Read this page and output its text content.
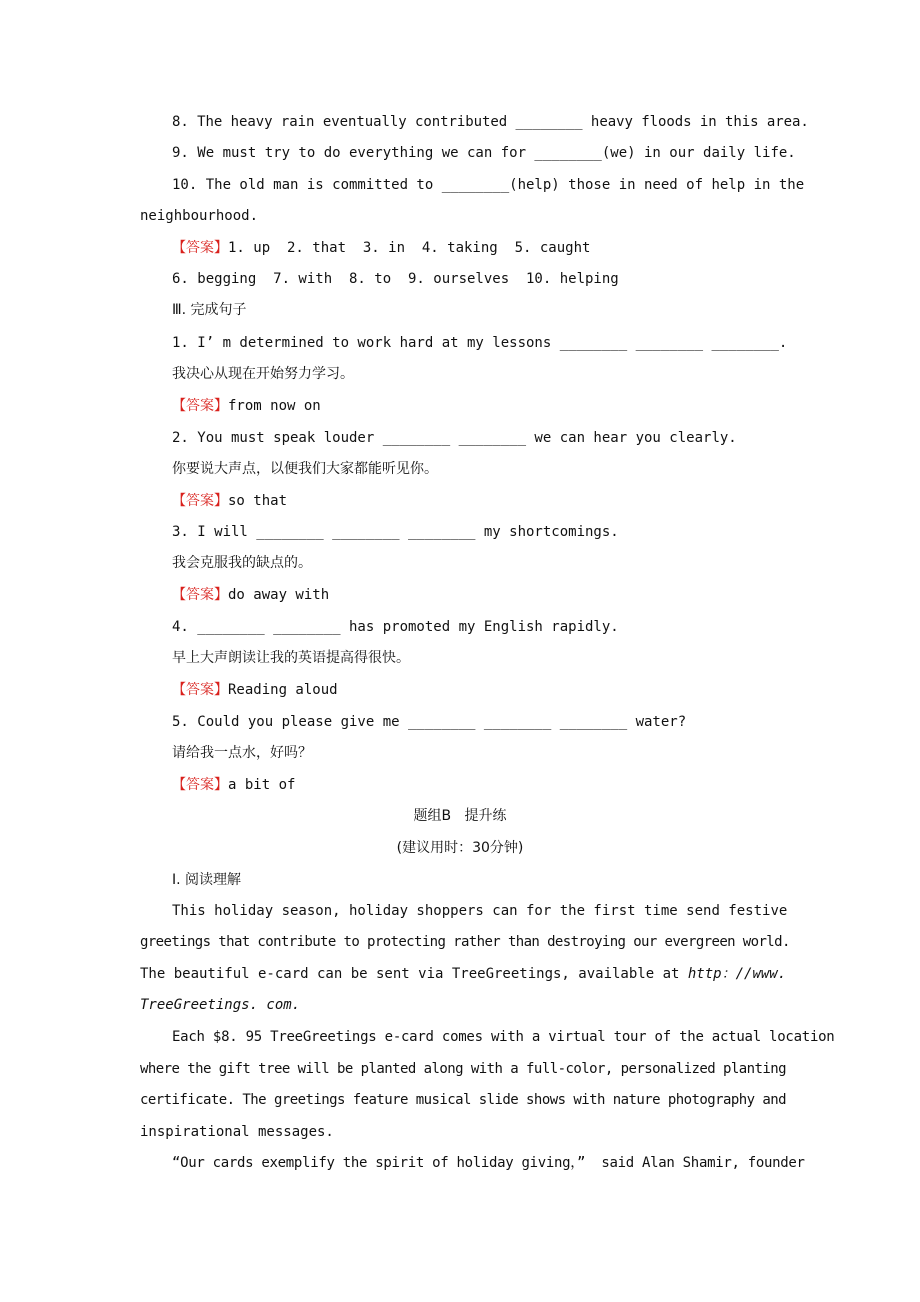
8. The heavy rain eventually contributed ________ heavy floods in this area.
9. We must try to do everything we can for ________(we) in our daily life.
10. The old man is committed to ________(help) those in need of help in the
neighbourhood.
【答案】1. up  2. that  3. in  4. taking  5. caught
6. begging  7. with  8. to  9. ourselves  10. helping
Ⅲ. 完成句子
1. I’ m determined to work hard at my lessons ________ ________ ________.
我决心从现在开始努力学习。
【答案】from now on
2. You must speak louder ________ ________ we can hear you clearly.
你要说大声点，以便我们大家都能听见你。
【答案】so that
3. I will ________ ________ ________ my shortcomings.
我会克服我的缺点的。
【答案】do away with
4. ________ ________ has promoted my English rapidly.
早上大声朗读让我的英语提高得很快。
【答案】Reading aloud
5. Could you please give me ________ ________ ________ water?
请给我一点水，好吗？
【答案】a bit of
题组B   提升练
(建议用时：30分钟)
Ⅰ. 阅读理解
This holiday season, holiday shoppers can for the first time send festive
greetings that contribute to protecting rather than destroying our evergreen world.
The beautiful e-card can be sent via TreeGreetings, available at http：//www.
TreeGreetings. com.
Each $8. 95 TreeGreetings e-card comes with a virtual tour of the actual location
where the gift tree will be planted along with a full-color, personalized planting
certificate. The greetings feature musical slide shows with nature photography and
inspirational messages.
“Our cards exemplify the spirit of holiday giving，”  said Alan Shamir, founder
